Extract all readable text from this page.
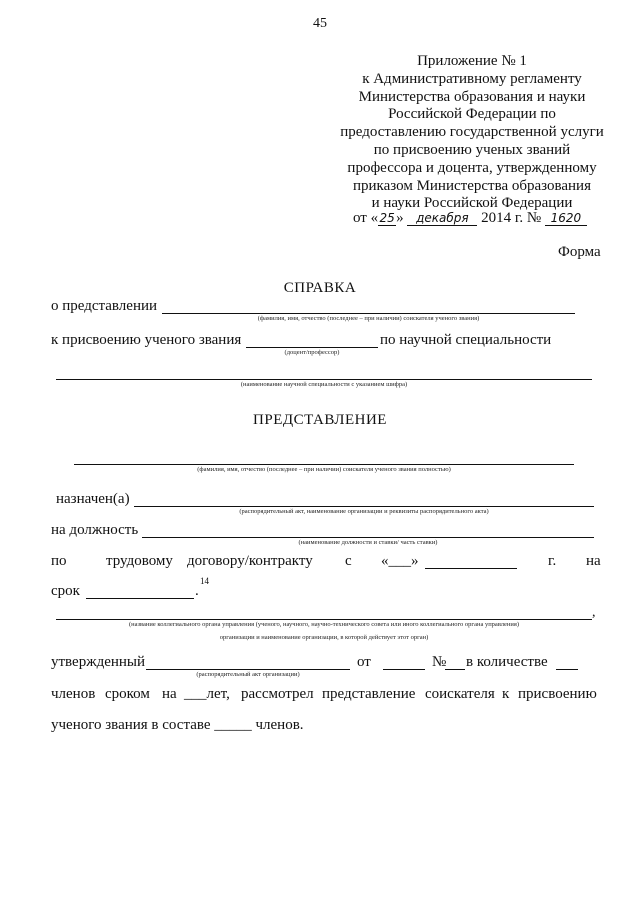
45
Приложение № 1
к Административному регламенту
Министерства образования и науки
Российской Федерации по
предоставлению государственной услуги
по присвоению ученых званий
профессора и доцента, утвержденному
приказом Министерства образования
и науки Российской Федерации
от «25» декабря 2014 г. № 1620
Форма
СПРАВКА
о представлении
(фамилия, имя, отчество (последнее – при наличии) соискателя ученого звания)
к присвоению ученого звания
(доцент/профессор)
по научной специальности
(наименование научной специальности с указанием шифра)
ПРЕДСТАВЛЕНИЕ
(фамилия, имя, отчество (последнее – при наличии) соискателя ученого звания полностью)
назначен(а)
(распорядительный акт, наименование организации и реквизиты распорядительного акта)
на должность
(наименование должности и ставки/ часть ставки)
по	трудовому договору/контракту с «___»	г. на
срок	.
14
,
(название коллегиального органа управления (ученого, научного, научно-технического совета или иного коллегиального органа управления)
организации и наименование организации, в которой действует этот орган)
утвержденный
(распорядительный акт организации)
от	№ в количестве
членов сроком на ___лет, рассмотрел представление соискателя к присвоению
ученого звания в составе _____ членов.
